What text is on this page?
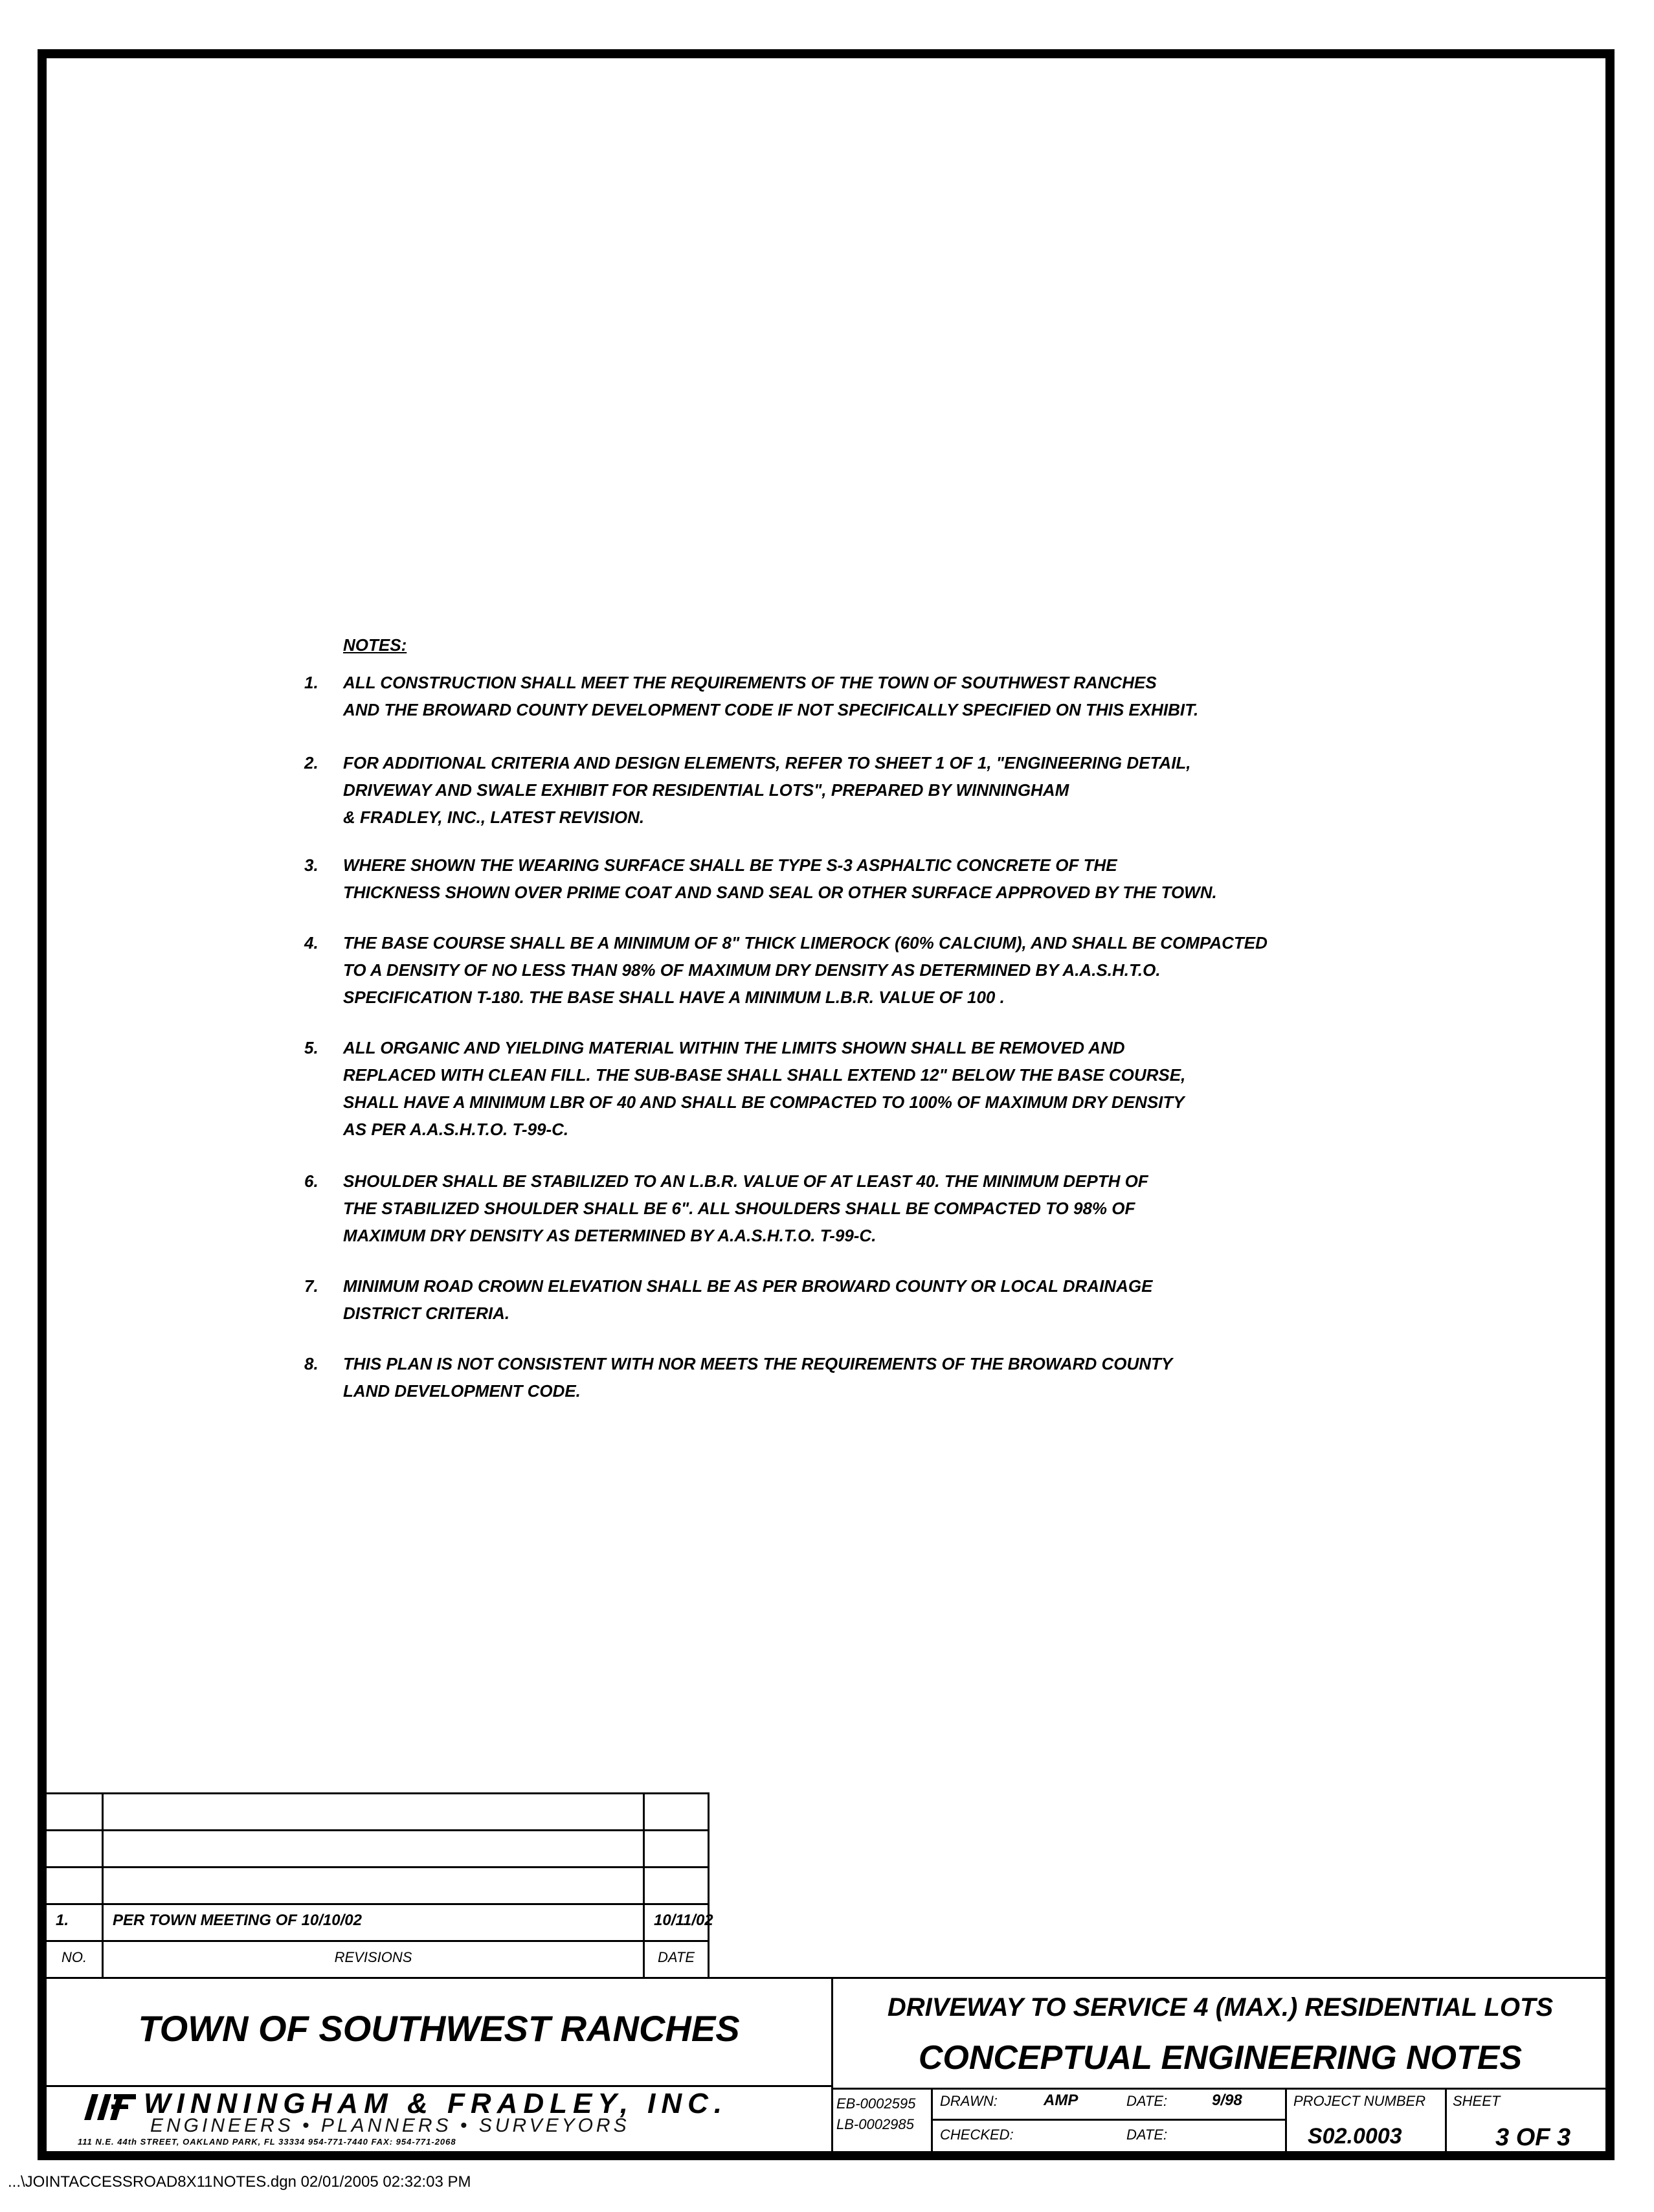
NOTES:
1.	ALL CONSTRUCTION SHALL MEET THE REQUIREMENTS OF THE TOWN OF SOUTHWEST RANCHES
AND THE BROWARD COUNTY DEVELOPMENT CODE IF NOT SPECIFICALLY SPECIFIED ON THIS EXHIBIT.
2.	FOR ADDITIONAL CRITERIA AND DESIGN ELEMENTS, REFER TO SHEET 1 OF 1, "ENGINEERING DETAIL,
DRIVEWAY AND SWALE EXHIBIT FOR RESIDENTIAL LOTS", PREPARED BY WINNINGHAM
& FRADLEY, INC., LATEST REVISION.
3.	WHERE SHOWN THE WEARING SURFACE SHALL BE TYPE S-3 ASPHALTIC CONCRETE OF THE
THICKNESS SHOWN OVER PRIME COAT AND SAND SEAL OR OTHER SURFACE APPROVED BY THE TOWN.
4.	THE BASE COURSE SHALL BE A MINIMUM OF 8" THICK LIMEROCK (60% CALCIUM), AND SHALL BE COMPACTED
TO A DENSITY OF NO LESS THAN 98% OF MAXIMUM DRY DENSITY AS DETERMINED BY A.A.S.H.T.O.
SPECIFICATION T-180. THE BASE SHALL HAVE A MINIMUM L.B.R. VALUE OF 100 .
5.	ALL ORGANIC AND YIELDING MATERIAL WITHIN THE LIMITS SHOWN SHALL BE REMOVED AND
REPLACED WITH CLEAN FILL. THE SUB-BASE SHALL SHALL EXTEND 12" BELOW THE BASE COURSE,
SHALL HAVE A MINIMUM LBR OF 40 AND SHALL BE COMPACTED TO 100% OF MAXIMUM DRY DENSITY
AS PER A.A.S.H.T.O. T-99-C.
6.	SHOULDER SHALL BE STABILIZED TO AN L.B.R. VALUE OF AT LEAST 40. THE MINIMUM DEPTH OF
THE STABILIZED SHOULDER SHALL BE 6". ALL SHOULDERS SHALL BE COMPACTED TO 98% OF
MAXIMUM DRY DENSITY AS DETERMINED BY A.A.S.H.T.O. T-99-C.
7.	MINIMUM ROAD CROWN ELEVATION SHALL BE AS PER BROWARD COUNTY OR LOCAL DRAINAGE
DISTRICT CRITERIA.
8.	THIS PLAN IS NOT CONSISTENT WITH NOR MEETS THE REQUIREMENTS OF THE BROWARD COUNTY
LAND DEVELOPMENT CODE.
1.	PER TOWN MEETING OF 10/10/02	10/11/02
NO.	REVISIONS	DATE
TOWN OF SOUTHWEST RANCHES
DRIVEWAY TO SERVICE 4 (MAX.) RESIDENTIAL LOTS
CONCEPTUAL ENGINEERING NOTES
WINNINGHAM & FRADLEY, INC.
ENGINEERS • PLANNERS • SURVEYORS
111 N.E. 44th STREET, OAKLAND PARK, FL 33334 954-771-7440 FAX: 954-771-2068
EB-0002595
LB-0002985
DRAWN:	AMP	DATE:	9/98
CHECKED:	DATE:
PROJECT NUMBER
S02.0003
SHEET
3 OF 3
...\JOINTACCESSROAD8X11NOTES.dgn 02/01/2005 02:32:03 PM
